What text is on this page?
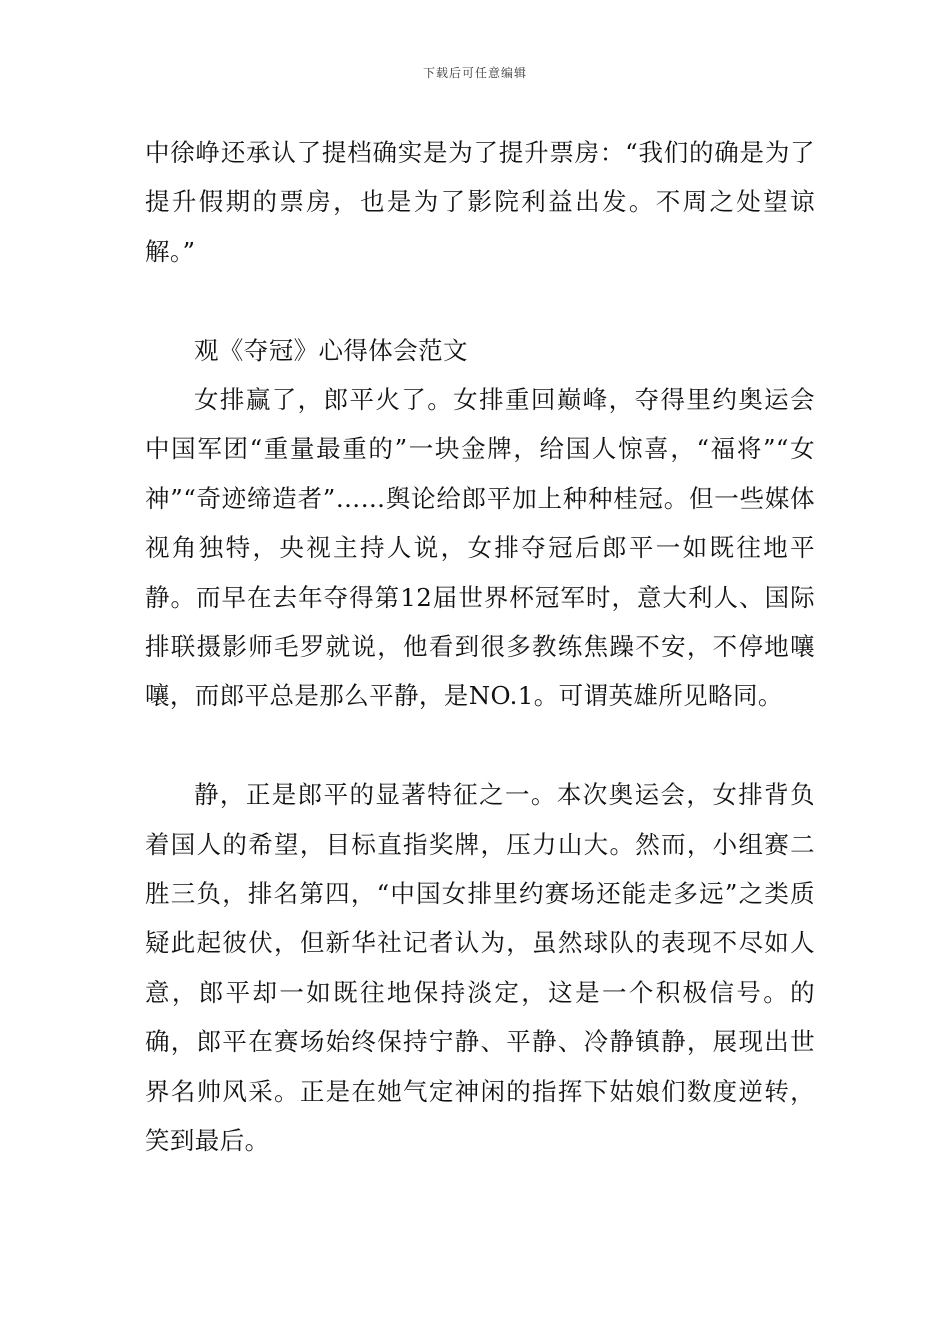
下载后可任意编辑

中徐峥还承认了提档确实是为了提升票房：“我们的确是为了提升假期的票房，也是为了影院利益出发。不周之处望谅解。”

观《夺冠》心得体会范文

女排赢了，郎平火了。女排重回巅峰，夺得里约奥运会中国军团“重量最重的”一块金牌，给国人惊喜，“福将”“女神”“奇迹缔造者”……舆论给郎平加上种种桂冠。但一些媒体视角独特，央视主持人说，女排夺冠后郎平一如既往地平静。而早在去年夺得第12届世界杯冠军时，意大利人、国际排联摄影师毛罗就说，他看到很多教练焦躁不安，不停地嚷嚷，而郎平总是那么平静，是NO.1。可谓英雄所见略同。

静，正是郎平的显著特征之一。本次奥运会，女排背负着国人的希望，目标直指奖牌，压力山大。然而，小组赛二胜三负，排名第四，“中国女排里约赛场还能走多远”之类质疑此起彼伏，但新华社记者认为，虽然球队的表现不尽如人意，郎平却一如既往地保持淡定，这是一个积极信号。的确，郎平在赛场始终保持宁静、平静、冷静镇静，展现出世界名帅风采。正是在她气定神闲的指挥下姑娘们数度逆转，笑到最后。
